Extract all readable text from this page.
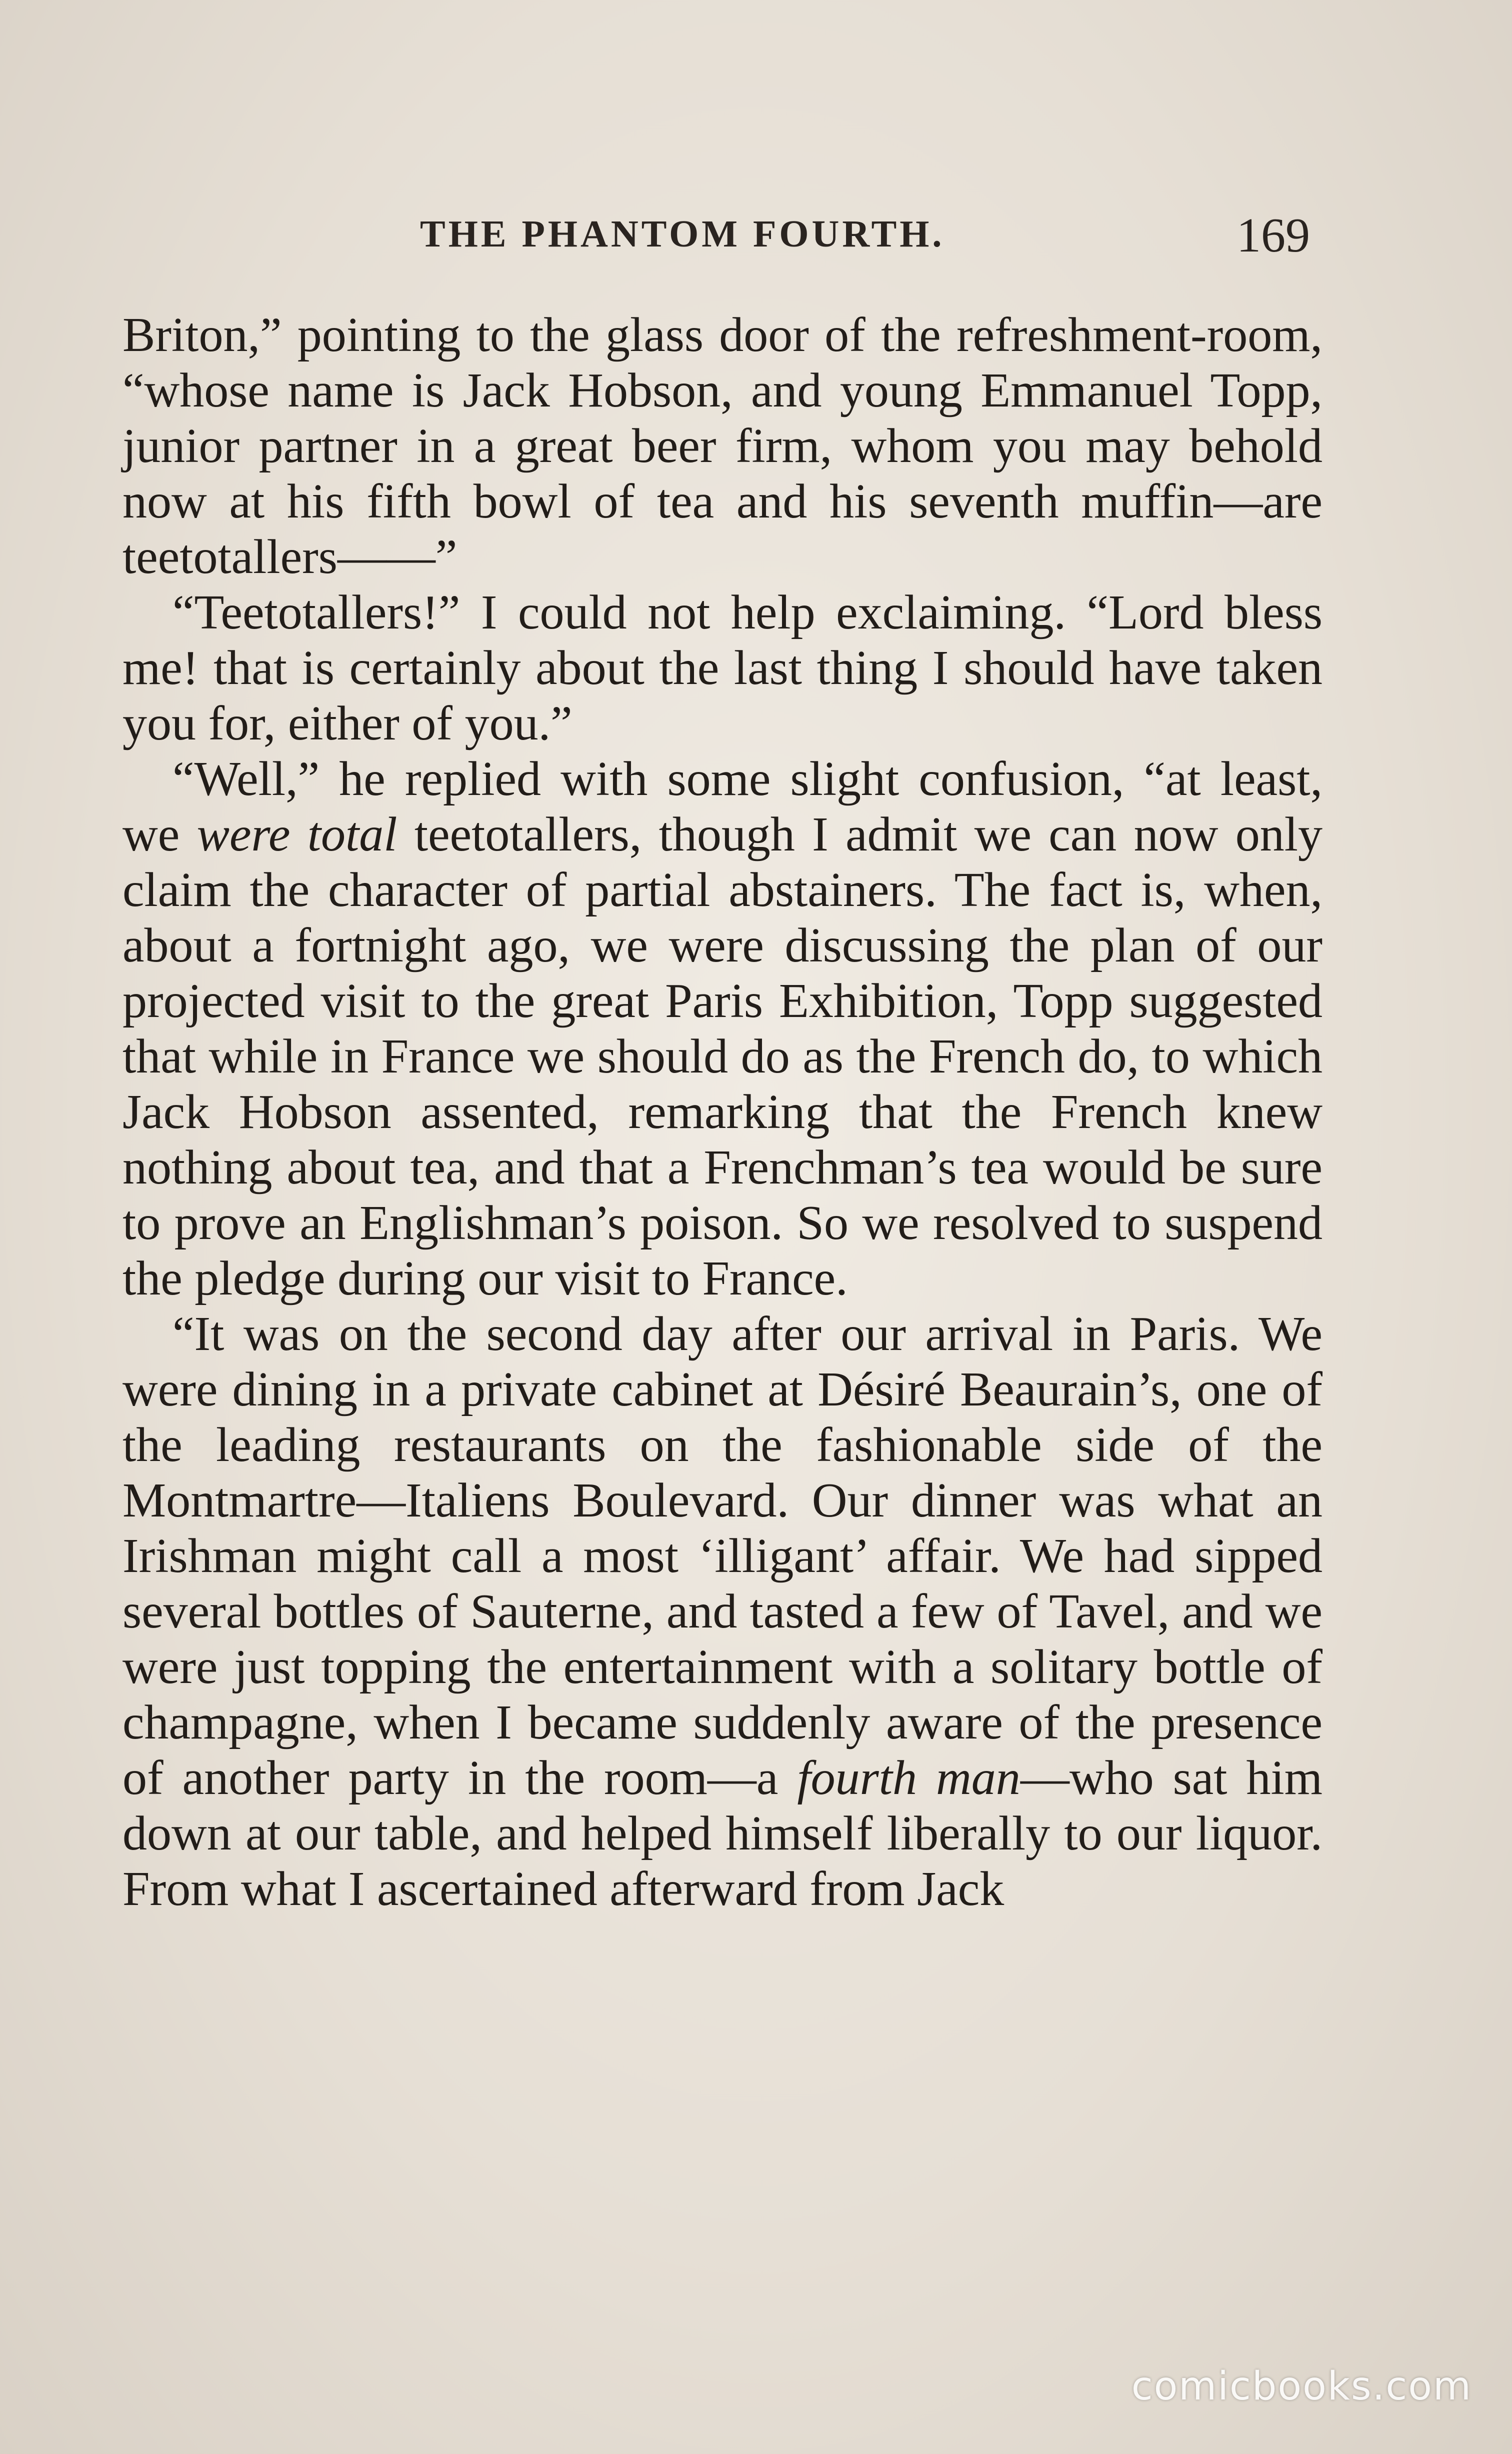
THE PHANTOM FOURTH.	169

Briton,” pointing to the glass door of the refreshment-room, “whose name is Jack Hobson, and young Emmanuel Topp, junior partner in a great beer firm, whom you may behold now at his fifth bowl of tea and his seventh muffin—are teetotallers——”

“Teetotallers!” I could not help exclaiming. “Lord bless me! that is certainly about the last thing I should have taken you for, either of you.”

“Well,” he replied with some slight confusion, “at least, we were total teetotallers, though I admit we can now only claim the character of partial abstainers. The fact is, when, about a fortnight ago, we were discussing the plan of our projected visit to the great Paris Exhibition, Topp suggested that while in France we should do as the French do, to which Jack Hobson assented, remarking that the French knew nothing about tea, and that a Frenchman’s tea would be sure to prove an Englishman’s poison. So we resolved to suspend the pledge during our visit to France.

“It was on the second day after our arrival in Paris. We were dining in a private cabinet at Désiré Beaurain’s, one of the leading restaurants on the fashionable side of the Montmartre—Italiens Boulevard. Our dinner was what an Irishman might call a most ‘illigant’ affair. We had sipped several bottles of Sauterne, and tasted a few of Tavel, and we were just topping the entertainment with a solitary bottle of champagne, when I became suddenly aware of the presence of another party in the room—a fourth man—who sat him down at our table, and helped himself liberally to our liquor. From what I ascertained afterward from Jack

comicbooks.com
